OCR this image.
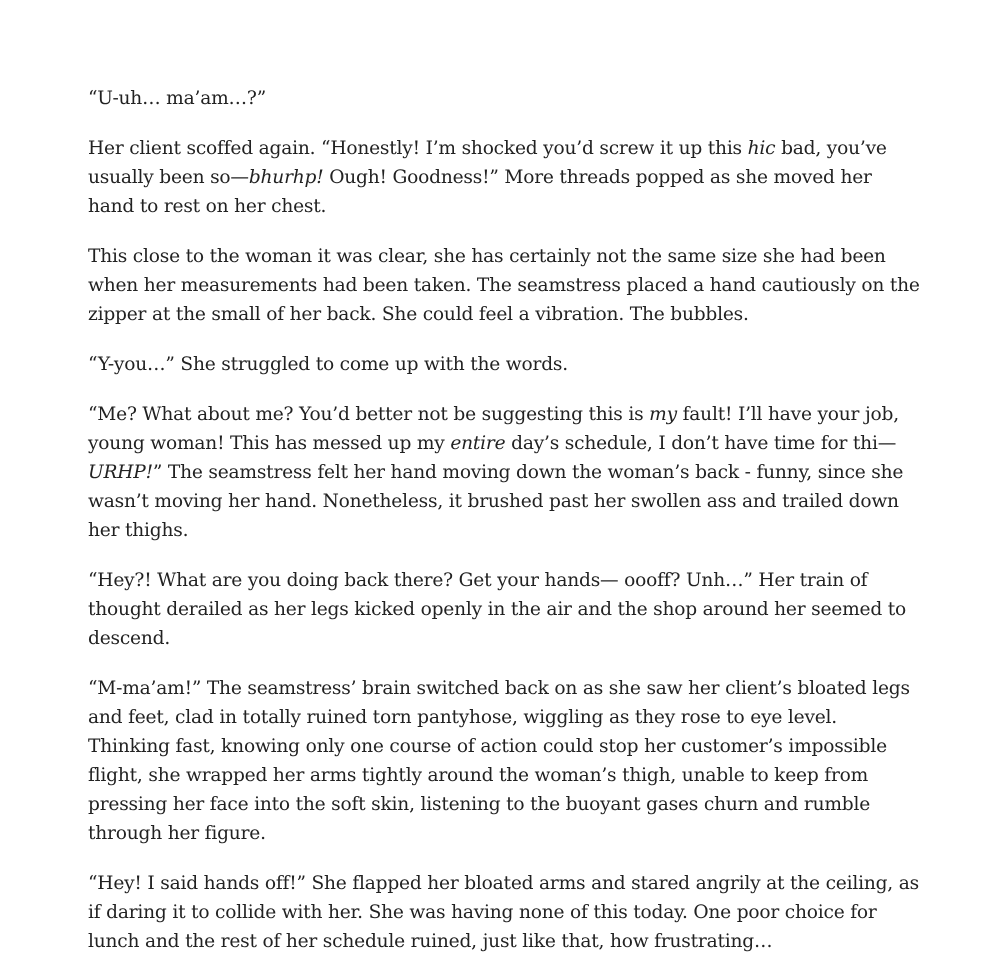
“U-uh… ma’am…?”

Her client scoffed again. “Honestly! I’m shocked you’d screw it up this hic bad, you’ve usually been so—bhurhp! Ough! Goodness!” More threads popped as she moved her hand to rest on her chest.

This close to the woman it was clear, she has certainly not the same size she had been when her measurements had been taken. The seamstress placed a hand cautiously on the zipper at the small of her back. She could feel a vibration. The bubbles.

“Y-you…” She struggled to come up with the words.

“Me? What about me? You’d better not be suggesting this is my fault! I’ll have your job, young woman! This has messed up my entire day’s schedule, I don’t have time for thi—URHP!” The seamstress felt her hand moving down the woman’s back - funny, since she wasn’t moving her hand. Nonetheless, it brushed past her swollen ass and trailed down her thighs.

“Hey?! What are you doing back there? Get your hands— oooff? Unh…” Her train of thought derailed as her legs kicked openly in the air and the shop around her seemed to descend.

“M-ma’am!” The seamstress’ brain switched back on as she saw her client’s bloated legs and feet, clad in totally ruined torn pantyhose, wiggling as they rose to eye level. Thinking fast, knowing only one course of action could stop her customer’s impossible flight, she wrapped her arms tightly around the woman’s thigh, unable to keep from pressing her face into the soft skin, listening to the buoyant gases churn and rumble through her figure.

“Hey! I said hands off!” She flapped her bloated arms and stared angrily at the ceiling, as if daring it to collide with her. She was having none of this today. One poor choice for lunch and the rest of her schedule ruined, just like that, how frustrating…
